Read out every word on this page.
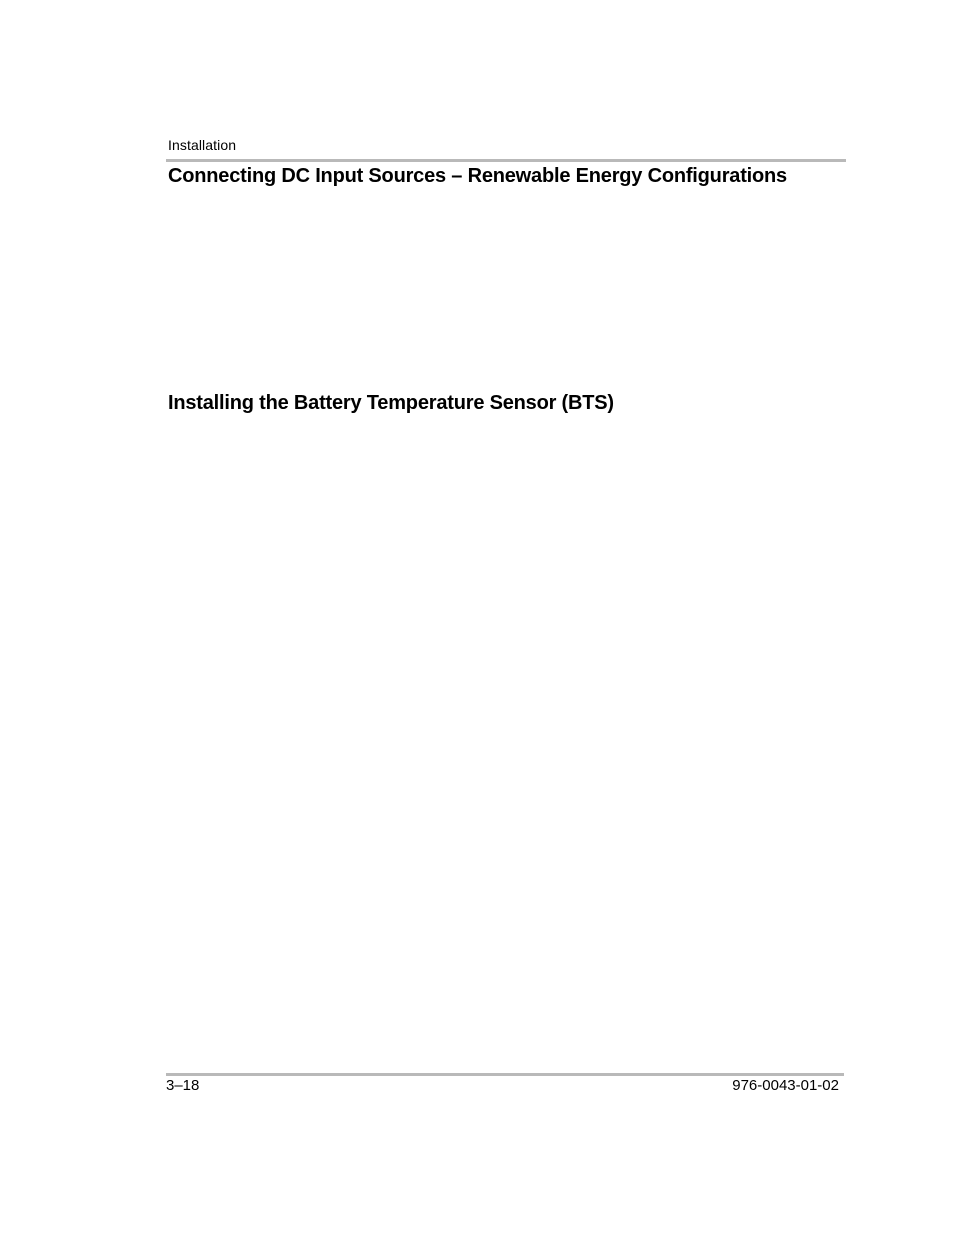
Installation
Connecting DC Input Sources – Renewable Energy Configurations
Installing the Battery Temperature Sensor (BTS)
3–18	976-0043-01-02
